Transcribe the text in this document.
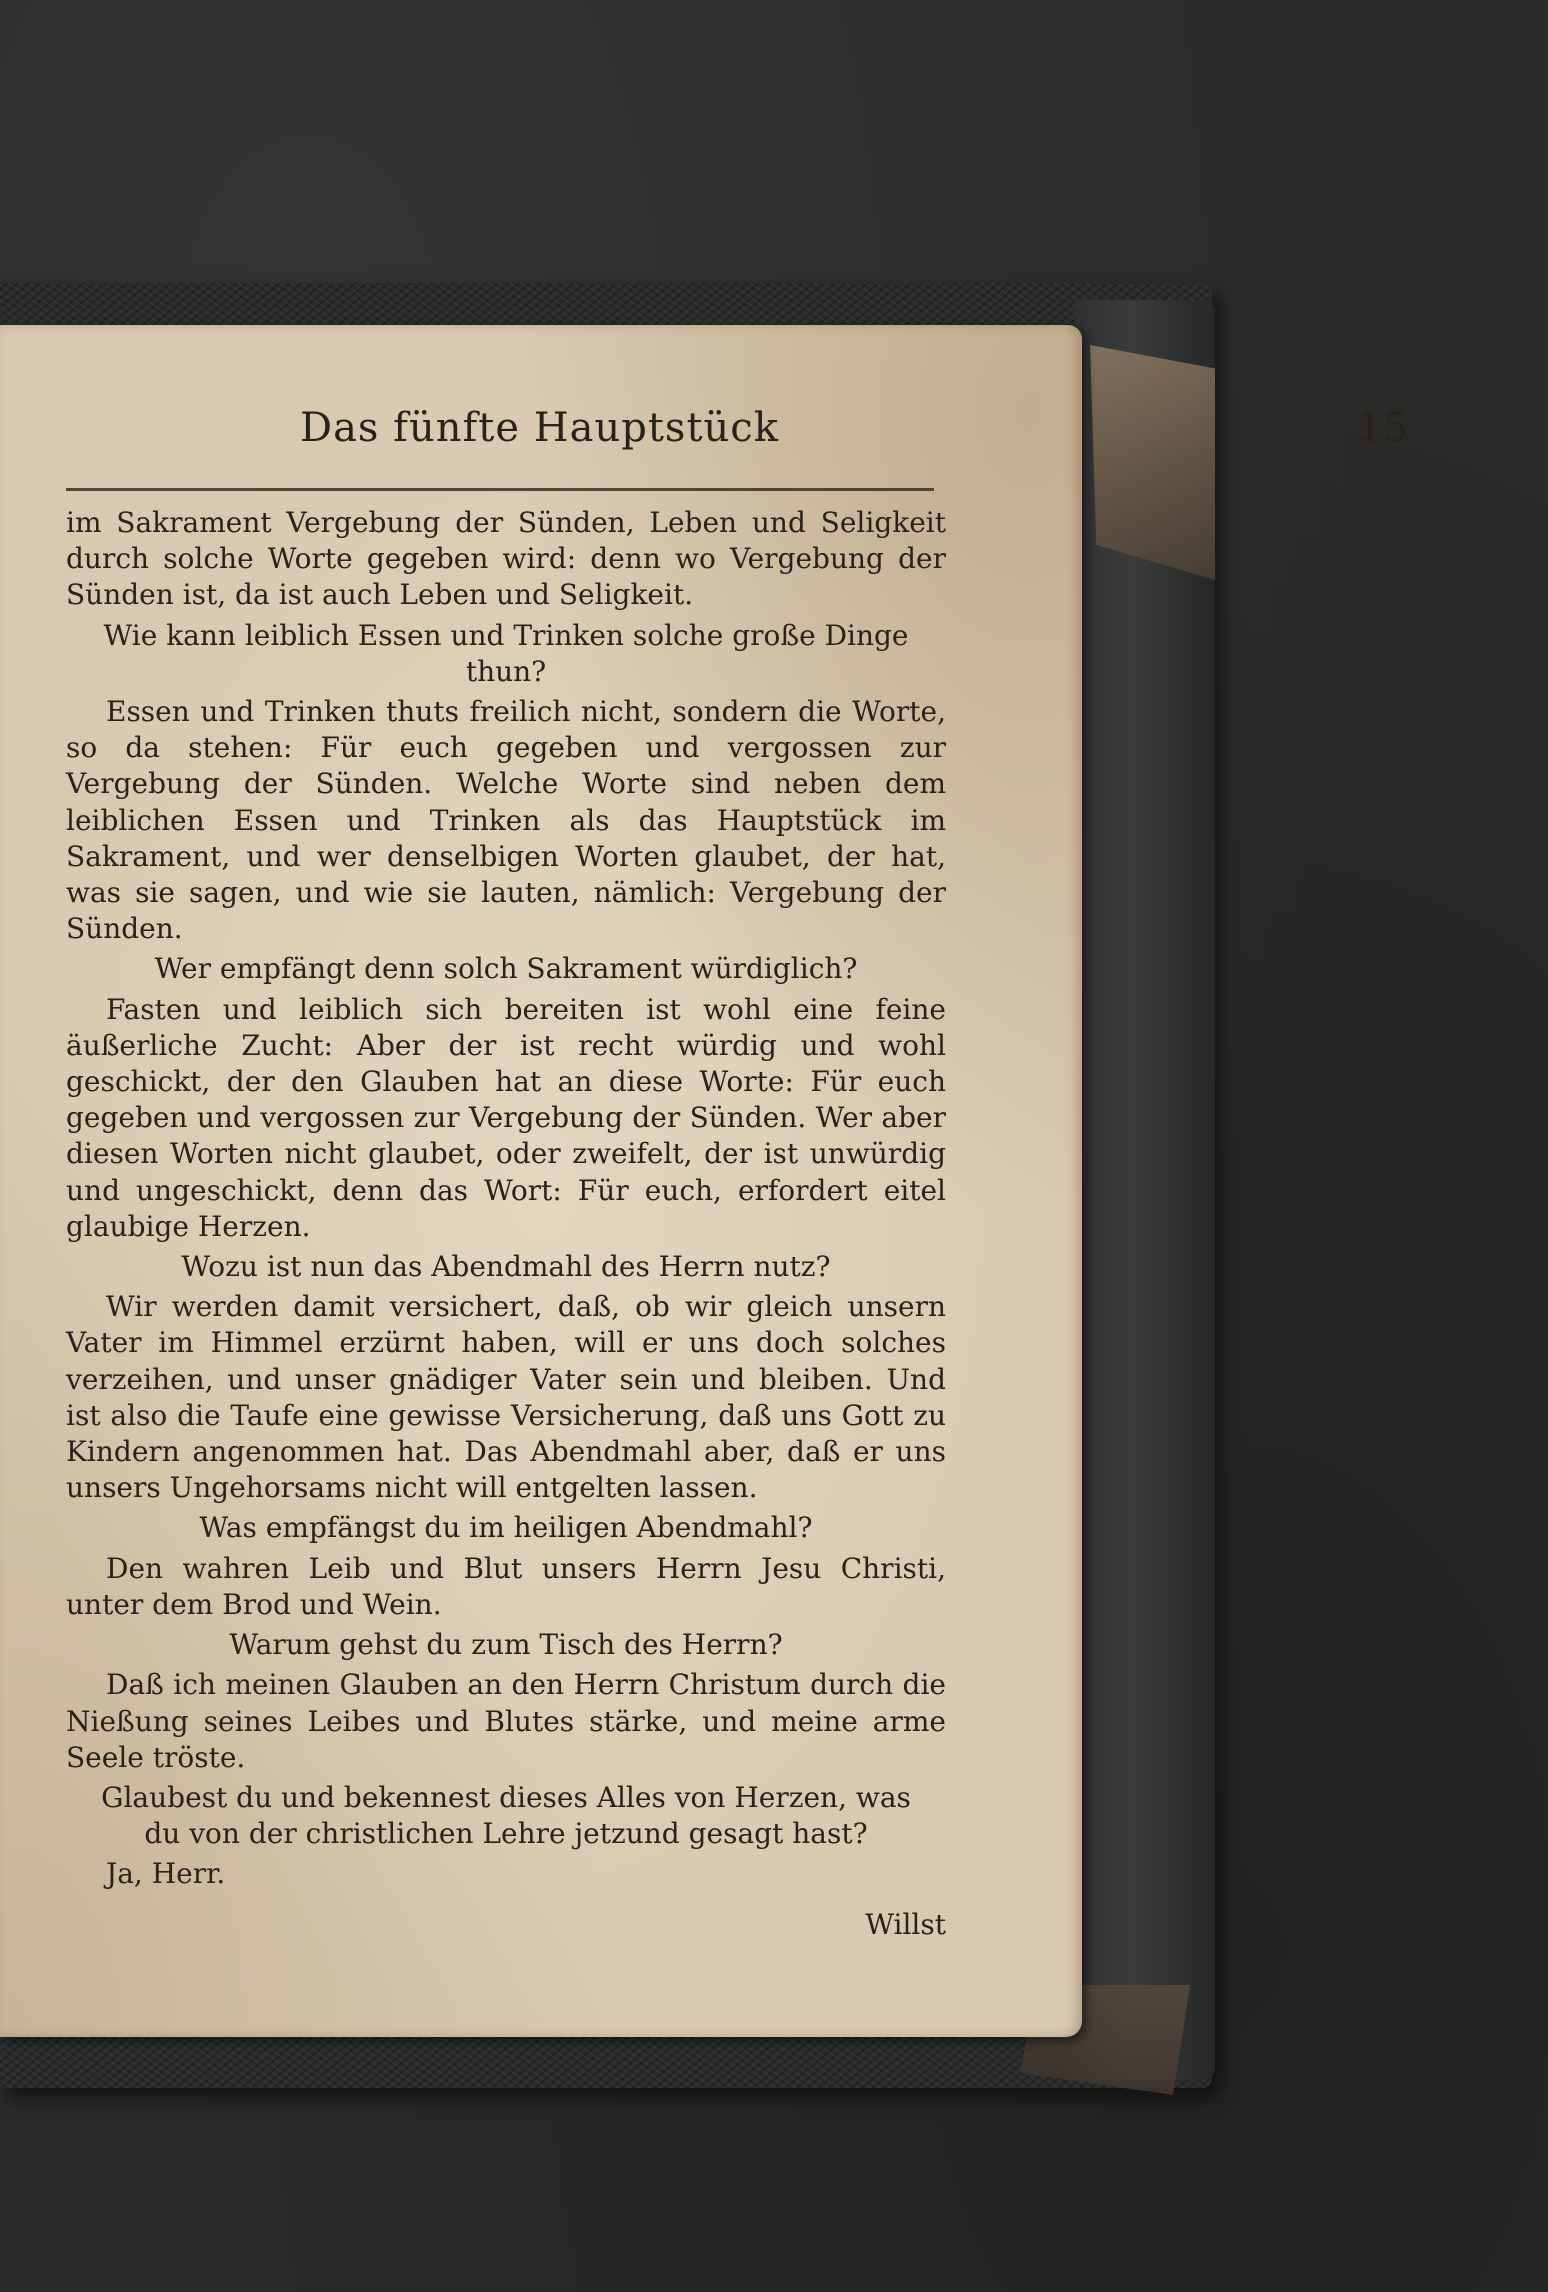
Das fünfte Hauptstück	15

im Sakrament Vergebung der Sünden, Leben und Seligkeit durch solche Worte gegeben wird: denn wo Vergebung der Sünden ist, da ist auch Leben und Seligkeit.

Wie kann leiblich Essen und Trinken solche große Dinge thun?

Essen und Trinken thuts freilich nicht, sondern die Worte, so da stehen: Für euch gegeben und vergossen zur Vergebung der Sünden. Welche Worte sind neben dem leiblichen Essen und Trinken als das Hauptstück im Sakrament, und wer denselbigen Worten glaubet, der hat, was sie sagen, und wie sie lauten, nämlich: Vergebung der Sünden.

Wer empfängt denn solch Sakrament würdiglich?

Fasten und leiblich sich bereiten ist wohl eine feine äußerliche Zucht: Aber der ist recht würdig und wohl geschickt, der den Glauben hat an diese Worte: Für euch gegeben und vergossen zur Vergebung der Sünden. Wer aber diesen Worten nicht glaubet, oder zweifelt, der ist unwürdig und ungeschickt, denn das Wort: Für euch, erfordert eitel glaubige Herzen.

Wozu ist nun das Abendmahl des Herrn nutz?

Wir werden damit versichert, daß, ob wir gleich unsern Vater im Himmel erzürnt haben, will er uns doch solches verzeihen, und unser gnädiger Vater sein und bleiben. Und ist also die Taufe eine gewisse Versicherung, daß uns Gott zu Kindern angenommen hat. Das Abendmahl aber, daß er uns unsers Ungehorsams nicht will entgelten lassen.

Was empfängst du im heiligen Abendmahl?

Den wahren Leib und Blut unsers Herrn Jesu Christi, unter dem Brod und Wein.

Warum gehst du zum Tisch des Herrn?

Daß ich meinen Glauben an den Herrn Christum durch die Nießung seines Leibes und Blutes stärke, und meine arme Seele tröste.

Glaubest du und bekennest dieses Alles von Herzen, was du von der christlichen Lehre jetzund gesagt hast?

Ja, Herr.

Willst
